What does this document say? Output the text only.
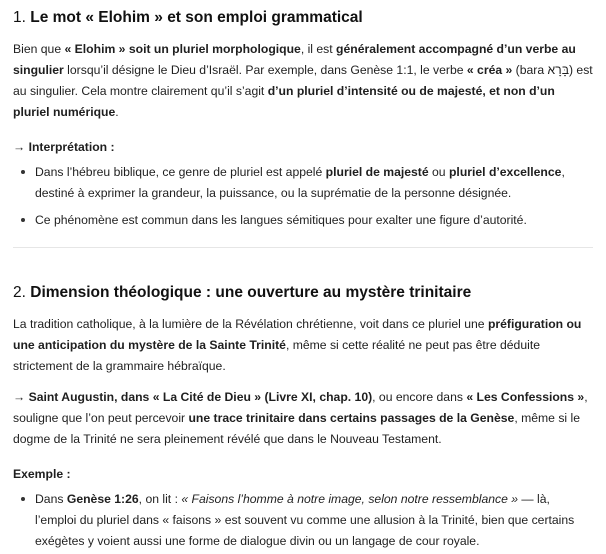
1. Le mot « Elohim » et son emploi grammatical

Bien que « Elohim » soit un pluriel morphologique, il est généralement accompagné d’un verbe au singulier lorsqu’il désigne le Dieu d’Israël. Par exemple, dans Genèse 1:1, le verbe « créa » (bara בָּרָא) est au singulier. Cela montre clairement qu’il s’agit d’un pluriel d’intensité ou de majesté, et non d’un pluriel numérique.

→ Interprétation :
Dans l’hébreu biblique, ce genre de pluriel est appelé pluriel de majesté ou pluriel d’excellence, destiné à exprimer la grandeur, la puissance, ou la suprématie de la personne désignée.
Ce phénomène est commun dans les langues sémitiques pour exalter une figure d’autorité.
2. Dimension théologique : une ouverture au mystère trinitaire

La tradition catholique, à la lumière de la Révélation chrétienne, voit dans ce pluriel une préfiguration ou une anticipation du mystère de la Sainte Trinité, même si cette réalité ne peut pas être déduite strictement de la grammaire hébraïque.

→ Saint Augustin, dans « La Cité de Dieu » (Livre XI, chap. 10), ou encore dans « Les Confessions », souligne que l’on peut percevoir une trace trinitaire dans certains passages de la Genèse, même si le dogme de la Trinité ne sera pleinement révélé que dans le Nouveau Testament.

Exemple :
Dans Genèse 1:26, on lit : « Faisons l’homme à notre image, selon notre ressemblance » — là, l’emploi du pluriel dans « faisons » est souvent vu comme une allusion à la Trinité, bien que certains exégètes y voient aussi une forme de dialogue divin ou un langage de cour royale.
